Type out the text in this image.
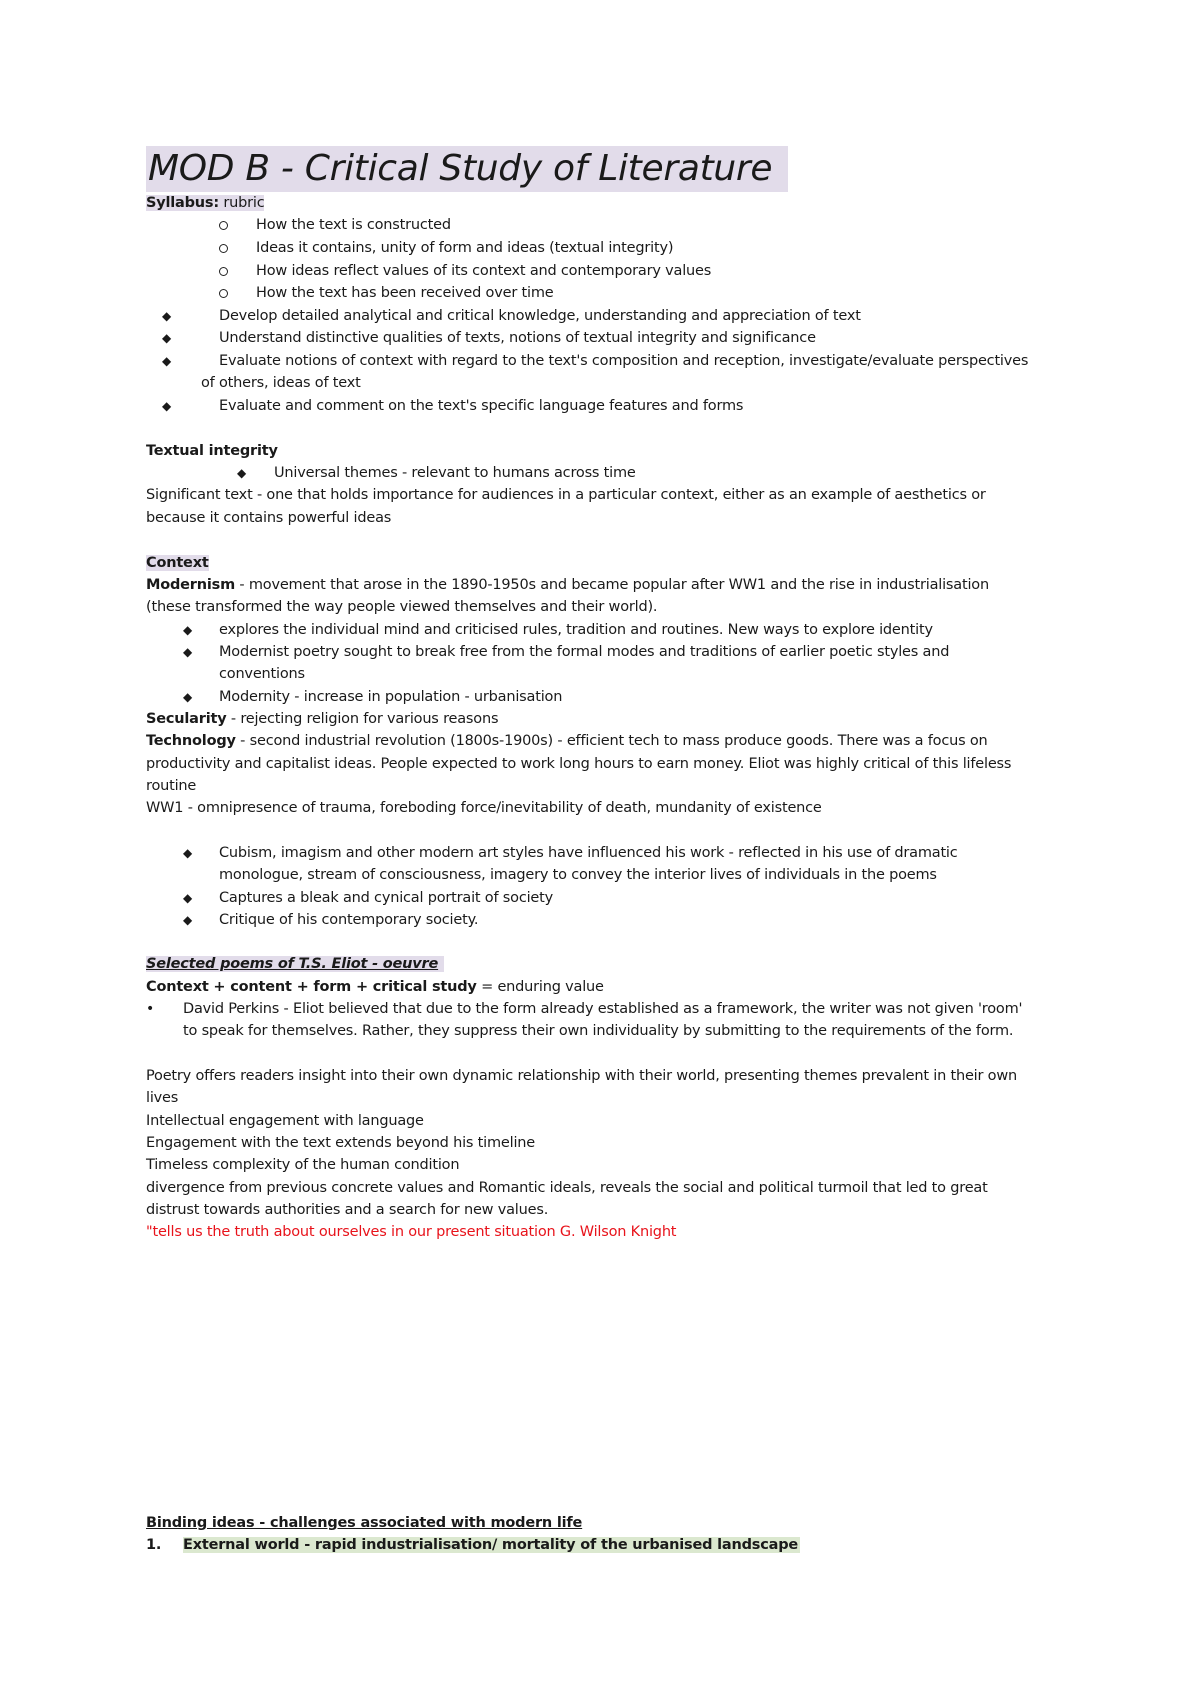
MOD B - Critical Study of Literature
Syllabus: rubric
How the text is constructed
Ideas it contains, unity of form and ideas (textual integrity)
How ideas reflect values of its context and contemporary values
How the text has been received over time
◆	Develop detailed analytical and critical knowledge, understanding and appreciation of text
◆	Understand distinctive qualities of texts, notions of textual integrity and significance
◆	Evaluate notions of context with regard to the text's composition and reception, investigate/evaluate perspectives
of others, ideas of text
◆	Evaluate and comment on the text's specific language features and forms
Textual integrity
◆ Universal themes - relevant to humans across time
Significant text - one that holds importance for audiences in a particular context, either as an example of aesthetics or
because it contains powerful ideas
Context
Modernism - movement that arose in the 1890-1950s and became popular after WW1 and the rise in industrialisation
(these transformed the way people viewed themselves and their world).
◆ explores the individual mind and criticised rules, tradition and routines. New ways to explore identity
◆ Modernist poetry sought to break free from the formal modes and traditions of earlier poetic styles and
conventions
◆ Modernity - increase in population - urbanisation
Secularity - rejecting religion for various reasons
Technology - second industrial revolution (1800s-1900s) - efficient tech to mass produce goods. There was a focus on
productivity and capitalist ideas. People expected to work long hours to earn money. Eliot was highly critical of this lifeless
routine
WW1 - omnipresence of trauma, foreboding force/inevitability of death, mundanity of existence
◆ Cubism, imagism and other modern art styles have influenced his work - reflected in his use of dramatic
monologue, stream of consciousness, imagery to convey the interior lives of individuals in the poems
◆ Captures a bleak and cynical portrait of society
◆ Critique of his contemporary society.
Selected poems of T.S. Eliot - oeuvre
Context + content + form + critical study = enduring value
• David Perkins - Eliot believed that due to the form already established as a framework, the writer was not given 'room'
to speak for themselves. Rather, they suppress their own individuality by submitting to the requirements of the form.
Poetry offers readers insight into their own dynamic relationship with their world, presenting themes prevalent in their own
lives
Intellectual engagement with language
Engagement with the text extends beyond his timeline
Timeless complexity of the human condition
divergence from previous concrete values and Romantic ideals, reveals the social and political turmoil that led to great
distrust towards authorities and a search for new values.
"tells us the truth about ourselves in our present situation G. Wilson Knight
Binding ideas - challenges associated with modern life
1. External world - rapid industrialisation/ mortality of the urbanised landscape
